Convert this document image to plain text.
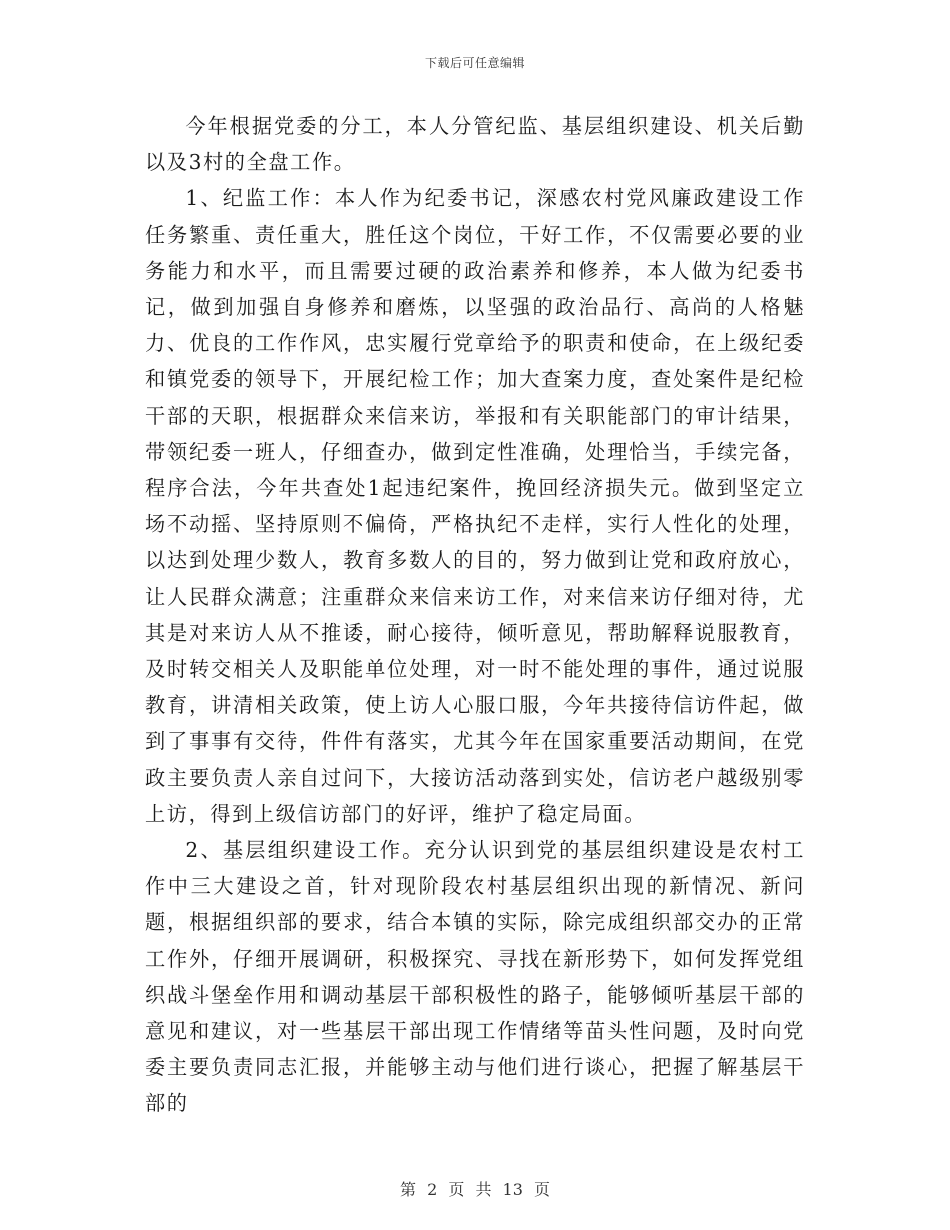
下载后可任意编辑

今年根据党委的分工，本人分管纪监、基层组织建设、机关后勤以及3村的全盘工作。

1、纪监工作：本人作为纪委书记，深感农村党风廉政建设工作任务繁重、责任重大，胜任这个岗位，干好工作，不仅需要必要的业务能力和水平，而且需要过硬的政治素养和修养，本人做为纪委书记，做到加强自身修养和磨炼，以坚强的政治品行、高尚的人格魅力、优良的工作作风，忠实履行党章给予的职责和使命，在上级纪委和镇党委的领导下，开展纪检工作；加大查案力度，查处案件是纪检干部的天职，根据群众来信来访，举报和有关职能部门的审计结果，带领纪委一班人，仔细查办，做到定性准确，处理恰当，手续完备，程序合法，今年共查处1起违纪案件，挽回经济损失元。做到坚定立场不动摇、坚持原则不偏倚，严格执纪不走样，实行人性化的处理，以达到处理少数人，教育多数人的目的，努力做到让党和政府放心，让人民群众满意；注重群众来信来访工作，对来信来访仔细对待，尤其是对来访人从不推诿，耐心接待，倾听意见，帮助解释说服教育，及时转交相关人及职能单位处理，对一时不能处理的事件，通过说服教育，讲清相关政策，使上访人心服口服，今年共接待信访件起，做到了事事有交待，件件有落实，尤其今年在国家重要活动期间，在党政主要负责人亲自过问下，大接访活动落到实处，信访老户越级别零上访，得到上级信访部门的好评，维护了稳定局面。

2、基层组织建设工作。充分认识到党的基层组织建设是农村工作中三大建设之首，针对现阶段农村基层组织出现的新情况、新问题，根据组织部的要求，结合本镇的实际，除完成组织部交办的正常工作外，仔细开展调研，积极探究、寻找在新形势下，如何发挥党组织战斗堡垒作用和调动基层干部积极性的路子，能够倾听基层干部的意见和建议，对一些基层干部出现工作情绪等苗头性问题，及时向党委主要负责同志汇报，并能够主动与他们进行谈心，把握了解基层干部的

第 2 页 共 13 页
